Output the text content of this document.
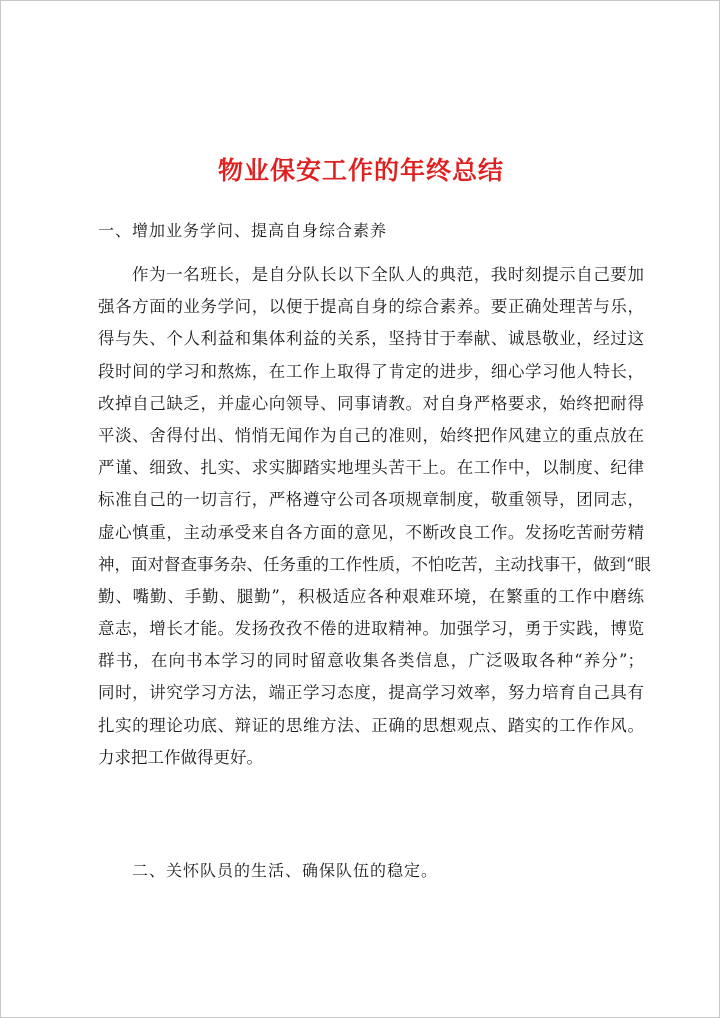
物业保安工作的年终总结
一、增加业务学问、提高自身综合素养
作为一名班长，是自分队长以下全队人的典范，我时刻提示自己要加
强各方面的业务学问，以便于提高自身的综合素养。要正确处理苦与乐，
得与失、个人利益和集体利益的关系，坚持甘于奉献、诚恳敬业，经过这
段时间的学习和熬炼，在工作上取得了肯定的进步，细心学习他人特长，
改掉自己缺乏，并虚心向领导、同事请教。对自身严格要求，始终把耐得
平淡、舍得付出、悄悄无闻作为自己的准则，始终把作风建立的重点放在
严谨、细致、扎实、求实脚踏实地埋头苦干上。在工作中，以制度、纪律
标准自己的一切言行，严格遵守公司各项规章制度，敬重领导，团同志，
虚心慎重，主动承受来自各方面的意见，不断改良工作。发扬吃苦耐劳精
神，面对督查事务杂、任务重的工作性质，不怕吃苦，主动找事干，做到“眼
勤、嘴勤、手勤、腿勤”，积极适应各种艰难环境，在繁重的工作中磨练
意志，增长才能。发扬孜孜不倦的进取精神。加强学习，勇于实践，博览
群书，在向书本学习的同时留意收集各类信息，广泛吸取各种“养分”；
同时，讲究学习方法，端正学习态度，提高学习效率，努力培育自己具有
扎实的理论功底、辩证的思维方法、正确的思想观点、踏实的工作作风。
力求把工作做得更好。
二、关怀队员的生活、确保队伍的稳定。
